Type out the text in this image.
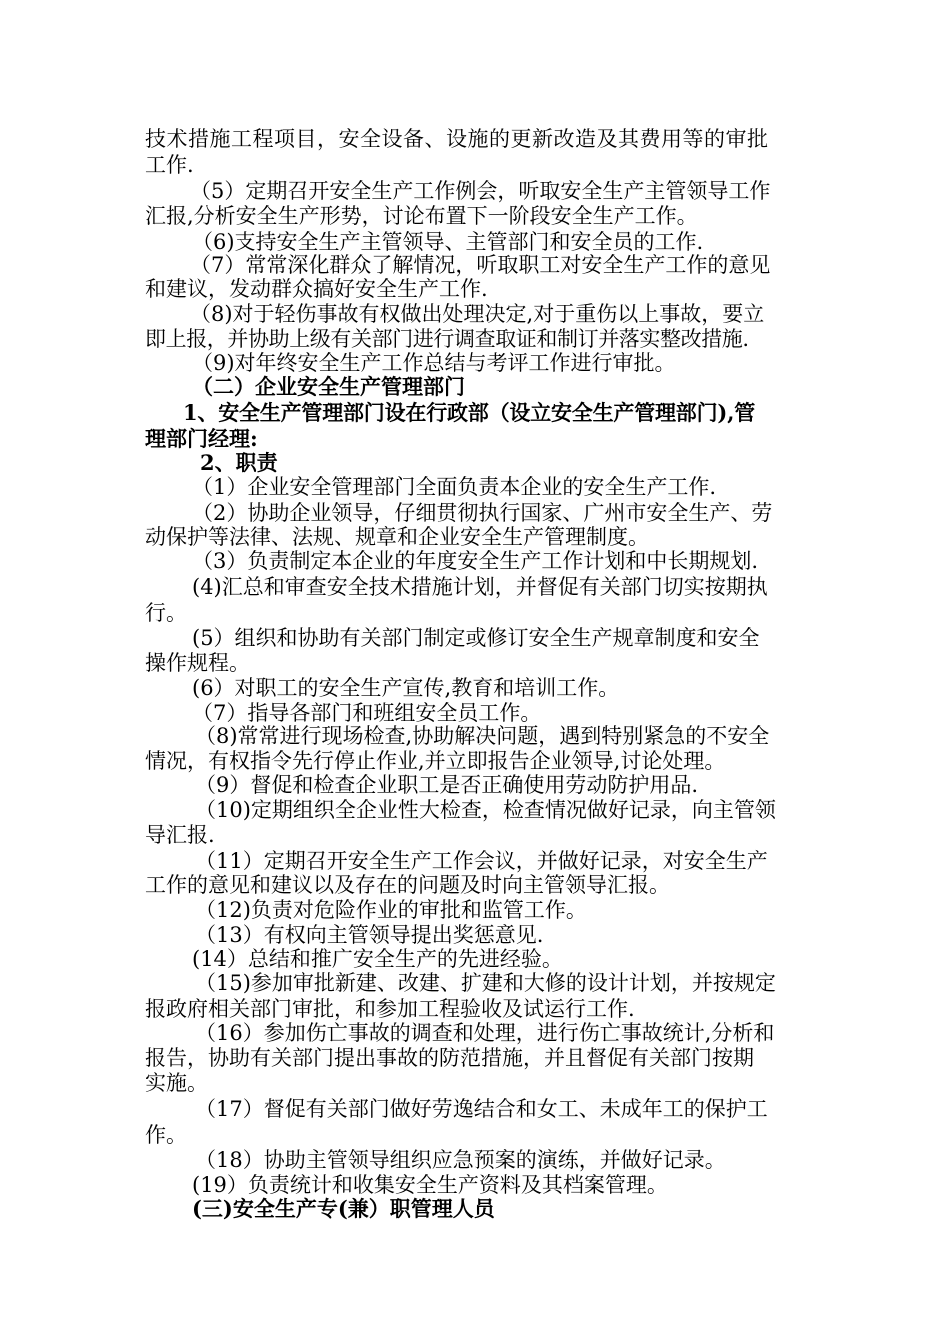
技术措施工程项目，安全设备、设施的更新改造及其费用等的审批
工作.
（5）定期召开安全生产工作例会，听取安全生产主管领导工作
汇报,分析安全生产形势，讨论布置下一阶段安全生产工作。
（6)支持安全生产主管领导、主管部门和安全员的工作.
（7）常常深化群众了解情况，听取职工对安全生产工作的意见
和建议，发动群众搞好安全生产工作.
（8)对于轻伤事故有权做出处理决定,对于重伤以上事故，要立
即上报，并协助上级有关部门进行调查取证和制订并落实整改措施.
（9)对年终安全生产工作总结与考评工作进行审批。
（二）企业安全生产管理部门
1、安全生产管理部门设在行政部（设立安全生产管理部门),管
理部门经理:
2、职责
（1）企业安全管理部门全面负责本企业的安全生产工作.
（2）协助企业领导，仔细贯彻执行国家、广州市安全生产、劳
动保护等法律、法规、规章和企业安全生产管理制度。
（3）负责制定本企业的年度安全生产工作计划和中长期规划.
(4)汇总和审查安全技术措施计划，并督促有关部门切实按期执
行。
(5）组织和协助有关部门制定或修订安全生产规章制度和安全
操作规程。
(6）对职工的安全生产宣传,教育和培训工作。
（7）指导各部门和班组安全员工作。
（8)常常进行现场检查,协助解决问题，遇到特别紧急的不安全
情况，有权指令先行停止作业,并立即报告企业领导,讨论处理。
（9）督促和检查企业职工是否正确使用劳动防护用品.
（10)定期组织全企业性大检查，检查情况做好记录，向主管领
导汇报.
（11）定期召开安全生产工作会议，并做好记录，对安全生产
工作的意见和建议以及存在的问题及时向主管领导汇报。
（12)负责对危险作业的审批和监管工作。
（13）有权向主管领导提出奖惩意见.
(14）总结和推广安全生产的先进经验。
（15)参加审批新建、改建、扩建和大修的设计计划，并按规定
报政府相关部门审批，和参加工程验收及试运行工作.
（16）参加伤亡事故的调查和处理，进行伤亡事故统计,分析和
报告，协助有关部门提出事故的防范措施，并且督促有关部门按期
实施。
（17）督促有关部门做好劳逸结合和女工、未成年工的保护工
作。
（18）协助主管领导组织应急预案的演练，并做好记录。
(19）负责统计和收集安全生产资料及其档案管理。
(三)安全生产专(兼）职管理人员
